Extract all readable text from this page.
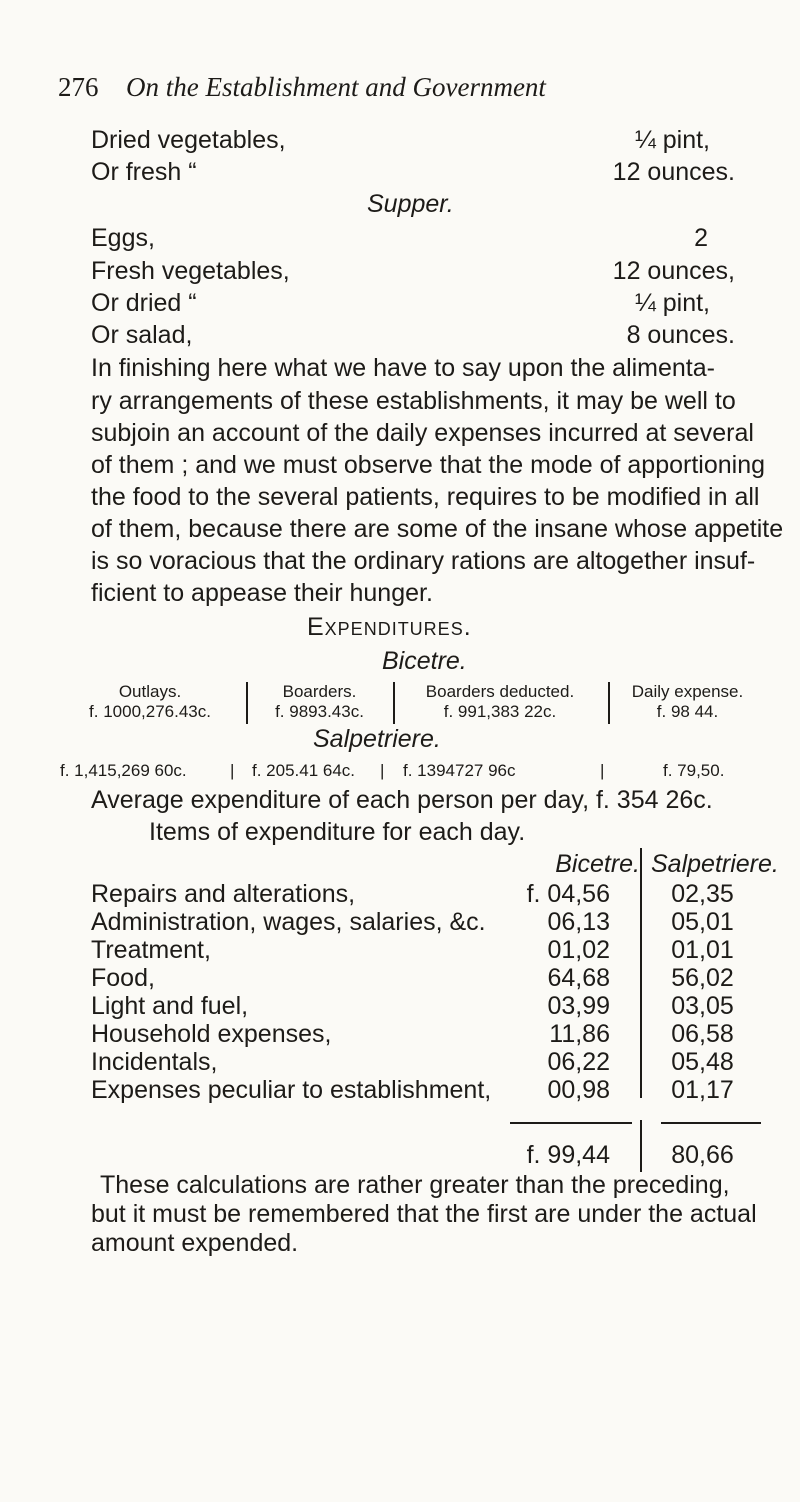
276 On the Establishment and Government
Dried vegetables,	¼ pint,
Or fresh “	12 ounces.
Supper.
Eggs,	2
Fresh vegetables,	12 ounces,
Or dried “	¼ pint,
Or salad,	8 ounces.
In finishing here what we have to say upon the alimenta-
ry arrangements of these establishments, it may be well to
subjoin an account of the daily expenses incurred at several
of them ; and we must observe that the mode of apportioning
the food to the several patients, requires to be modified in all
of them, because there are some of the insane whose appetite
is so voracious that the ordinary rations are altogether insuf-
ficient to appease their hunger.
Expenditures.
Bicetre.
Outlays.	Boarders.	Boarders deducted.	Daily expense.
f. 1000,276.43c.	f. 9893.43c.	f. 991,383 22c.	f. 98 44.
Salpetriere.
f. 1,415,269 60c.	| f. 205.41 64c. | f. 1394727 96c	|	f. 79,50.
Average expenditure of each person per day, f. 354 26c.
Items of expenditure for each day.
Bicetre. Salpetriere.
Repairs and alterations,	f. 04,56	02,35
Administration, wages, salaries, &c.	06,13	05,01
Treatment,	01,02	01,01
Food,	64,68	56,02
Light and fuel,	03,99	03,05
Household expenses,	11,86	06,58
Incidentals,	06,22	05,48
Expenses peculiar to establishment,	00,98	01,17
f. 99,44	80,66
These calculations are rather greater than the preceding,
but it must be remembered that the first are under the actual
amount expended.
